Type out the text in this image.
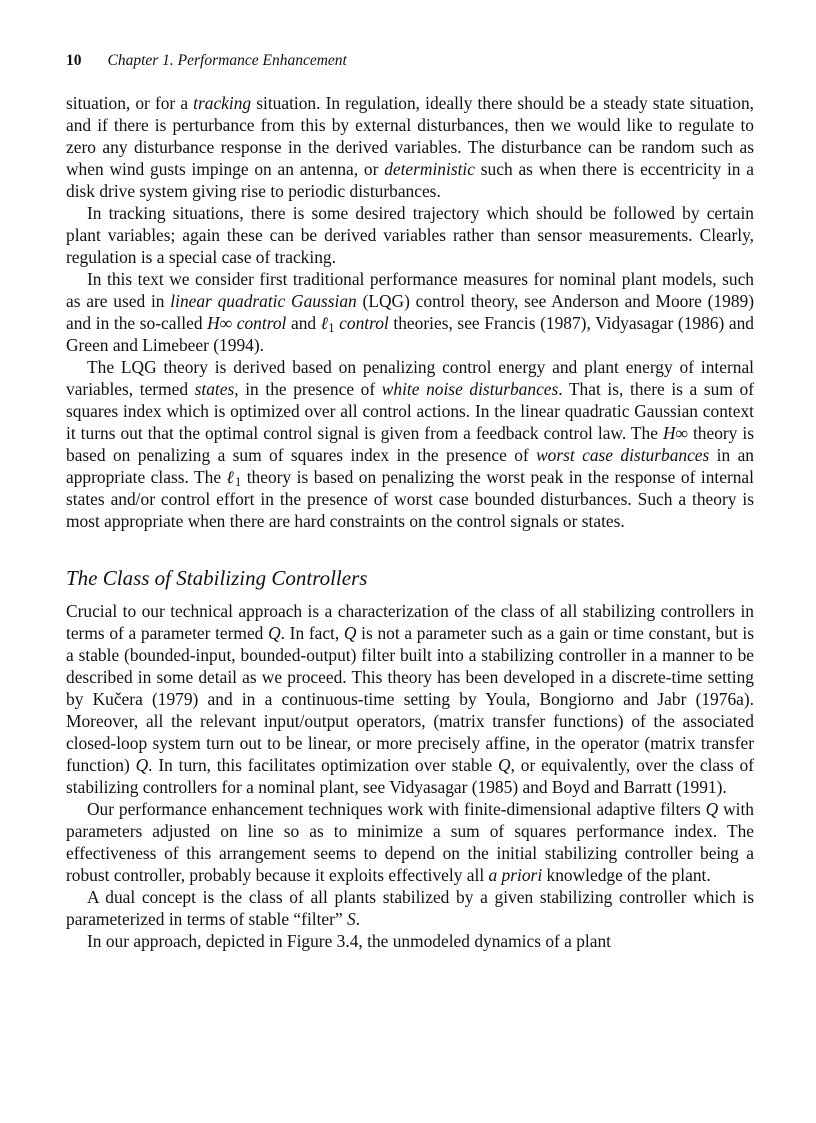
10 Chapter 1. Performance Enhancement

situation, or for a tracking situation. In regulation, ideally there should be a steady state situation, and if there is perturbance from this by external disturbances, then we would like to regulate to zero any disturbance response in the derived variables. The disturbance can be random such as when wind gusts impinge on an antenna, or deterministic such as when there is eccentricity in a disk drive system giving rise to periodic disturbances.

In tracking situations, there is some desired trajectory which should be followed by certain plant variables; again these can be derived variables rather than sensor measurements. Clearly, regulation is a special case of tracking.

In this text we consider first traditional performance measures for nominal plant models, such as are used in linear quadratic Gaussian (LQG) control theory, see Anderson and Moore (1989) and in the so-called H∞ control and ℓ$_1$ control theories, see Francis (1987), Vidyasagar (1986) and Green and Limebeer (1994).

The LQG theory is derived based on penalizing control energy and plant energy of internal variables, termed states, in the presence of white noise disturbances. That is, there is a sum of squares index which is optimized over all control actions. In the linear quadratic Gaussian context it turns out that the optimal control signal is given from a feedback control law. The H∞ theory is based on penalizing a sum of squares index in the presence of worst case disturbances in an appropriate class. The ℓ$_1$ theory is based on penalizing the worst peak in the response of internal states and/or control effort in the presence of worst case bounded disturbances. Such a theory is most appropriate when there are hard constraints on the control signals or states.

The Class of Stabilizing Controllers

Crucial to our technical approach is a characterization of the class of all stabilizing controllers in terms of a parameter termed Q. In fact, Q is not a parameter such as a gain or time constant, but is a stable (bounded-input, bounded-output) filter built into a stabilizing controller in a manner to be described in some detail as we proceed. This theory has been developed in a discrete-time setting by Kučera (1979) and in a continuous-time setting by Youla, Bongiorno and Jabr (1976a). Moreover, all the relevant input/output operators, (matrix transfer functions) of the associated closed-loop system turn out to be linear, or more precisely affine, in the operator (matrix transfer function) Q. In turn, this facilitates optimization over stable Q, or equivalently, over the class of stabilizing controllers for a nominal plant, see Vidyasagar (1985) and Boyd and Barratt (1991).

Our performance enhancement techniques work with finite-dimensional adaptive filters Q with parameters adjusted on line so as to minimize a sum of squares performance index. The effectiveness of this arrangement seems to depend on the initial stabilizing controller being a robust controller, probably because it exploits effectively all a priori knowledge of the plant.

A dual concept is the class of all plants stabilized by a given stabilizing controller which is parameterized in terms of stable “filter” S.

In our approach, depicted in Figure 3.4, the unmodeled dynamics of a plant
